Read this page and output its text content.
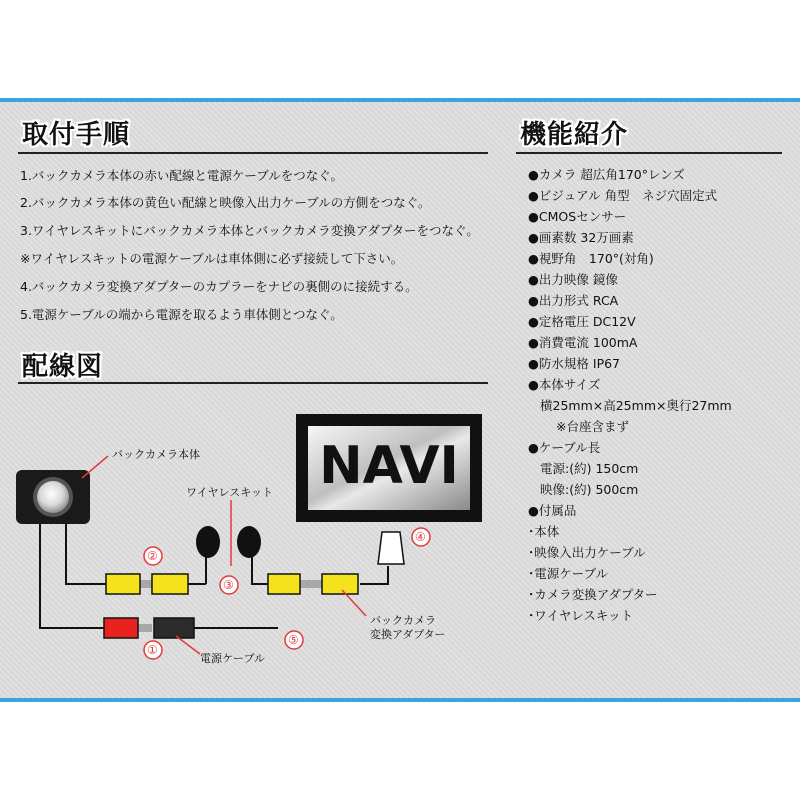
取付手順
1.バックカメラ本体の赤い配線と電源ケーブルをつなぐ。
2.バックカメラ本体の黄色い配線と映像入出力ケーブルの方側をつなぐ。
3.ワイヤレスキットにバックカメラ本体とバックカメラ変換アダプターをつなぐ。
※ワイヤレスキットの電源ケーブルは車体側に必ず接続して下さい。
4.バックカメラ変換アダプターのカプラーをナビの裏側のに接続する。
5.電源ケーブルの端から電源を取るよう車体側とつなぐ。
配線図
機能紹介
●カメラ 超広角170°レンズ
●ビジュアル 角型　ネジ穴固定式
●CMOSセンサー
●画素数 32万画素
●視野角　170°(対角)
●出力映像 鏡像
●出力形式 RCA
●定格電圧 DC12V
●消費電流 100mA
●防水規格 IP67
●本体サイズ
横25mm×高25mm×奥行27mm
※台座含まず
●ケーブル長
電源:(約) 150cm
映像:(約) 500cm
●付属品
･本体
･映像入出力ケーブル
･電源ケーブル
･カメラ変換アダプター
･ワイヤレスキット
NAVI
バックカメラ本体
ワイヤレスキット
バックカメラ
変換アダプター
電源ケーブル
②
③
④
①
⑤
